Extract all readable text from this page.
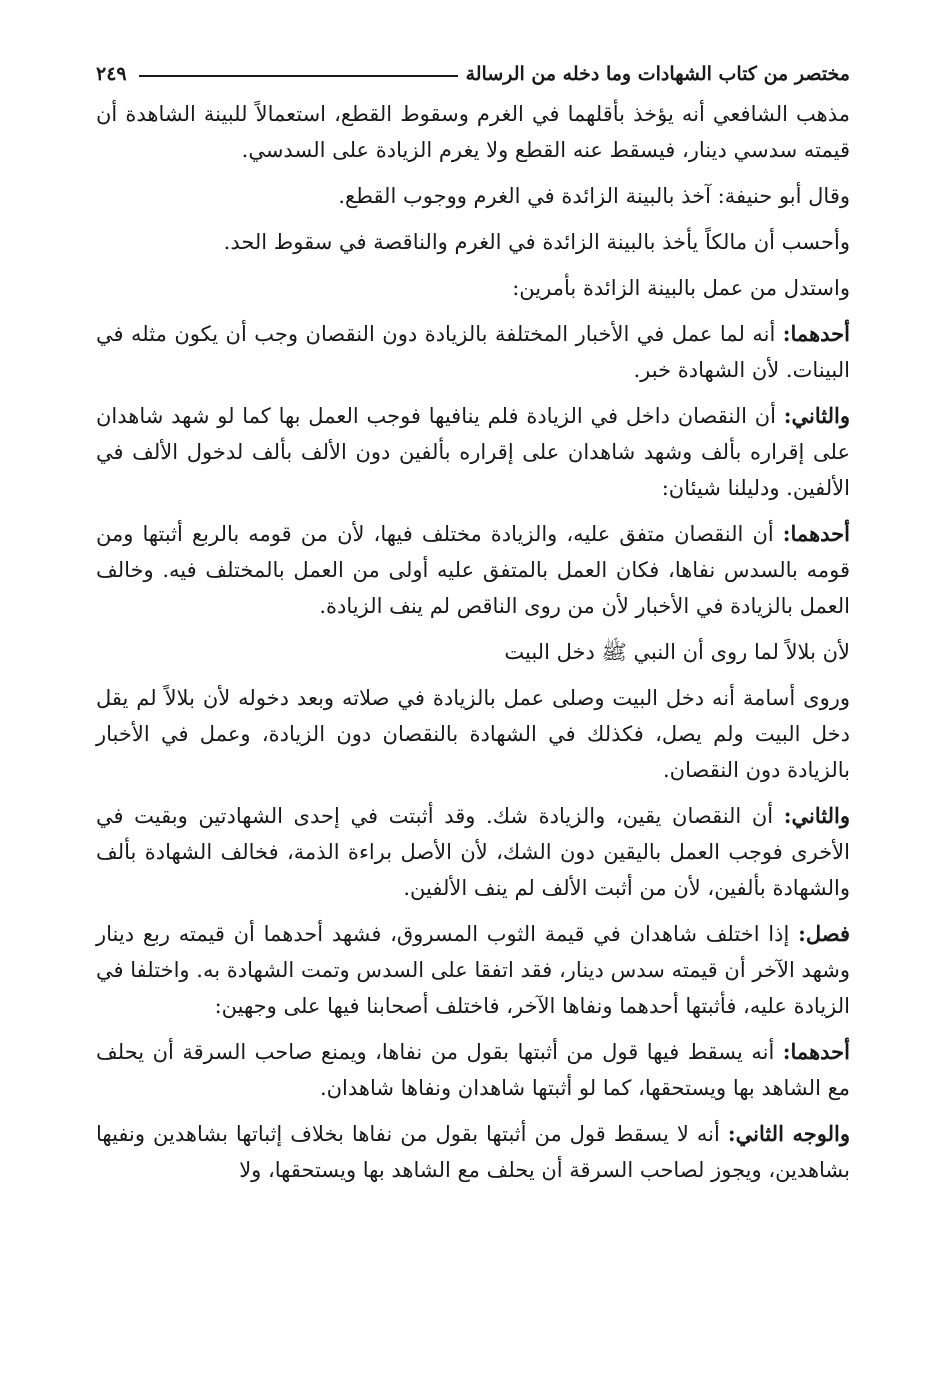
مختصر من كتاب الشهادات وما دخله من الرسالة
٢٤٩

مذهب الشافعي أنه يؤخذ بأقلهما في الغرم وسقوط القطع، استعمالاً للبينة الشاهدة أن قيمته سدسي دينار، فيسقط عنه القطع ولا يغرم الزيادة على السدسي.

وقال أبو حنيفة: آخذ بالبينة الزائدة في الغرم ووجوب القطع.

وأحسب أن مالكاً يأخذ بالبينة الزائدة في الغرم والناقصة في سقوط الحد.

واستدل من عمل بالبينة الزائدة بأمرين:

أحدهما: أنه لما عمل في الأخبار المختلفة بالزيادة دون النقصان وجب أن يكون مثله في البينات. لأن الشهادة خبر.

والثاني: أن النقصان داخل في الزيادة فلم ينافيها فوجب العمل بها كما لو شهد شاهدان على إقراره بألف وشهد شاهدان على إقراره بألفين دون الألف بألف لدخول الألف في الألفين. ودليلنا شيئان:

أحدهما: أن النقصان متفق عليه، والزيادة مختلف فيها، لأن من قومه بالربع أثبتها ومن قومه بالسدس نفاها، فكان العمل بالمتفق عليه أولى من العمل بالمختلف فيه. وخالف العمل بالزيادة في الأخبار لأن من روى الناقص لم ينف الزيادة.

لأن بلالاً لما روى أن النبي ﷺ دخل البيت

وروى أسامة أنه دخل البيت وصلى عمل بالزيادة في صلاته وبعد دخوله لأن بلالاً لم يقل دخل البيت ولم يصل، فكذلك في الشهادة بالنقصان دون الزيادة، وعمل في الأخبار بالزيادة دون النقصان.

والثاني: أن النقصان يقين، والزيادة شك. وقد أثبتت في إحدى الشهادتين وبقيت في الأخرى فوجب العمل باليقين دون الشك، لأن الأصل براءة الذمة، فخالف الشهادة بألف والشهادة بألفين، لأن من أثبت الألف لم ينف الألفين.

فصل: إذا اختلف شاهدان في قيمة الثوب المسروق، فشهد أحدهما أن قيمته ربع دينار وشهد الآخر أن قيمته سدس دينار، فقد اتفقا على السدس وتمت الشهادة به. واختلفا في الزيادة عليه، فأثبتها أحدهما ونفاها الآخر، فاختلف أصحابنا فيها على وجهين:

أحدهما: أنه يسقط فيها قول من أثبتها بقول من نفاها، ويمنع صاحب السرقة أن يحلف مع الشاهد بها ويستحقها، كما لو أثبتها شاهدان ونفاها شاهدان.

والوجه الثاني: أنه لا يسقط قول من أثبتها بقول من نفاها بخلاف إثباتها بشاهدين ونفيها بشاهدين، ويجوز لصاحب السرقة أن يحلف مع الشاهد بها ويستحقها، ولا
